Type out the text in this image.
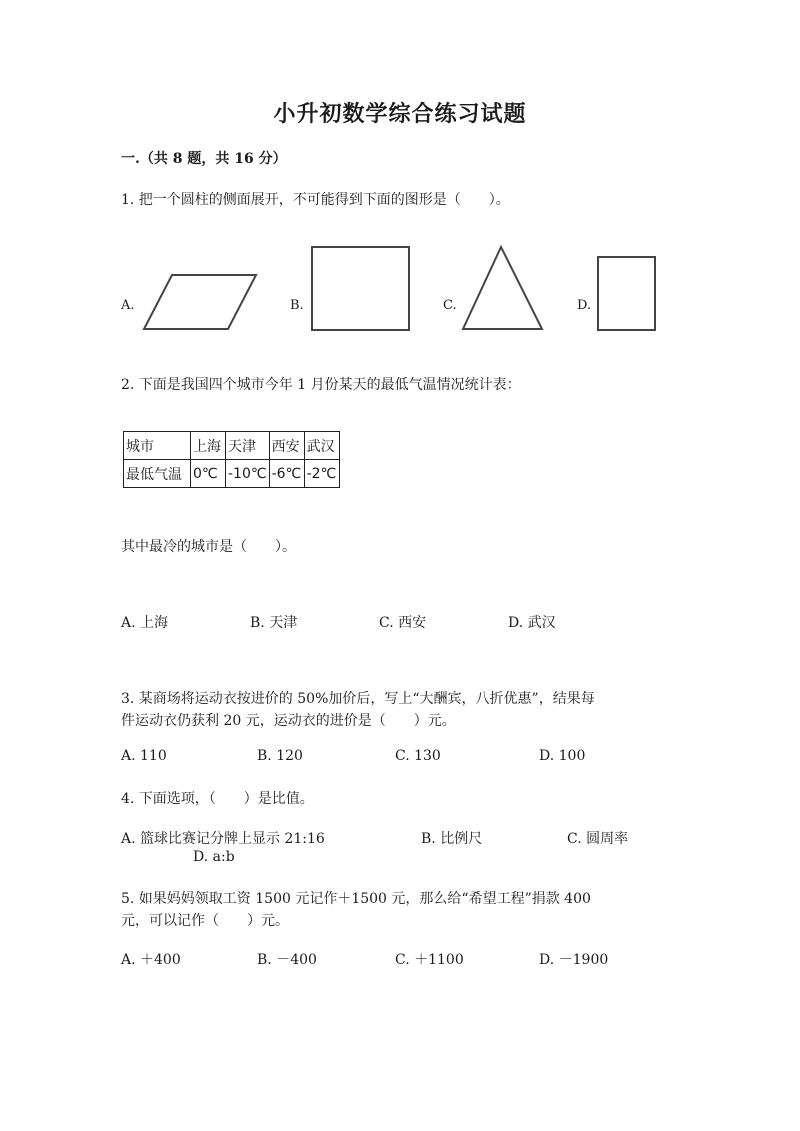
小升初数学综合练习试题
一.（共 8 题，共 16 分）
1. 把一个圆柱的侧面展开，不可能得到下面的图形是（　　）。
A.	B.	C.	D.
2. 下面是我国四个城市今年 1 月份某天的最低气温情况统计表：
城市	上海	天津	西安	武汉
最低气温	0℃	-10℃	-6℃	-2℃
其中最冷的城市是（　　）。
A. 上海	B. 天津	C. 西安	D. 武汉
3. 某商场将运动衣按进价的 50%加价后，写上“大酬宾，八折优惠”，结果每
件运动衣仍获利 20 元，运动衣的进价是（　　）元。
A. 110	B. 120	C. 130	D. 100
4. 下面选项，（　　）是比值。
A. 篮球比赛记分牌上显示 21:16	B. 比例尺	C. 圆周率
D. a:b
5. 如果妈妈领取工资 1500 元记作＋1500 元，那么给“希望工程”捐款 400
元，可以记作（　　）元。
A. ＋400	B. －400	C. ＋1100	D. －1900
